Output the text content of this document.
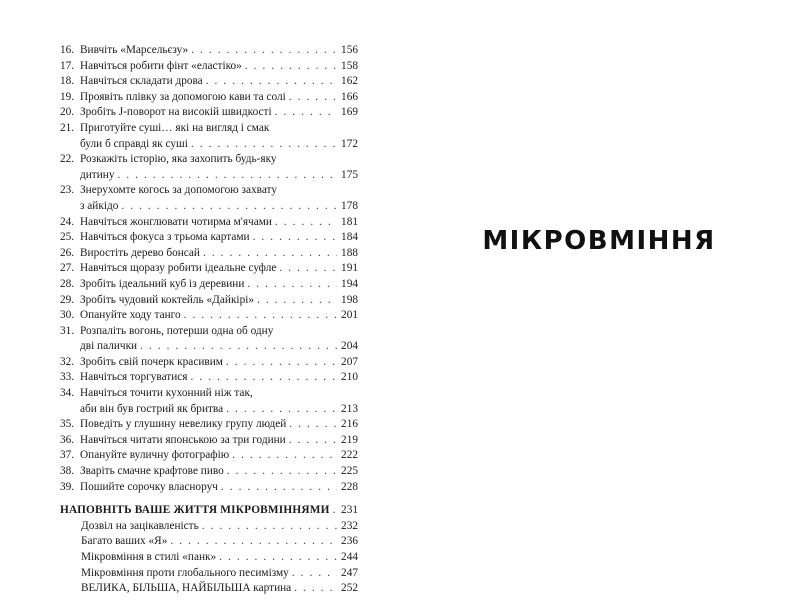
16. Вивчіть «Марсельєзу» . . .	156
17. Навчіться робити фінт «еластіко» . . .	158
18. Навчіться складати дрова . . .	162
19. Проявіть плівку за допомогою кави та солі . . .	166
20. Зробіть J-поворот на високій швидкості . . .	169
21. Приготуйте суші… які на вигляд і смак
були б справді як суші . . .	172
22. Розкажіть історію, яка захопить будь-яку
дитину . . .	175
23. Знерухомте когось за допомогою захвату
з айкідо . . .	178
24. Навчіться жонглювати чотирма м'ячами . . .	181
25. Навчіться фокуса з трьома картами . . .	184
26. Виростіть дерево бонсай . . .	188
27. Навчіться щоразу робити ідеальне суфле . . .	191
28. Зробіть ідеальний куб із деревини . . .	194
29. Зробіть чудовий коктейль «Дайкірі» . . .	198
30. Опануйте ходу танго . . .	201
31. Розпаліть вогонь, потерши одна об одну
дві палички . . .	204
32. Зробіть свій почерк красивим . . .	207
33. Навчіться торгуватися . . .	210
34. Навчіться точити кухонний ніж так,
аби він був гострий як бритва . . .	213
35. Поведіть у глушину невелику групу людей . . .	216
36. Навчіться читати японською за три години . . .	219
37. Опануйте вуличну фотографію . . .	222
38. Зваріть смачне крафтове пиво . . .	225
39. Пошийте сорочку власноруч . . .	228
НАПОВНІТЬ ВАШЕ ЖИТТЯ МІКРОВМІННЯМИ . . . 231
Дозвіл на зацікавленість . . .	232
Багато ваших «Я» . . .	236
Мікровміння в стилі «панк» . . .	244
Мікровміння проти глобального песимізму . . .	247
ВЕЛИКА, БІЛЬША, НАЙБІЛЬША картина . . .	252
МІКРОВМІННЯ
